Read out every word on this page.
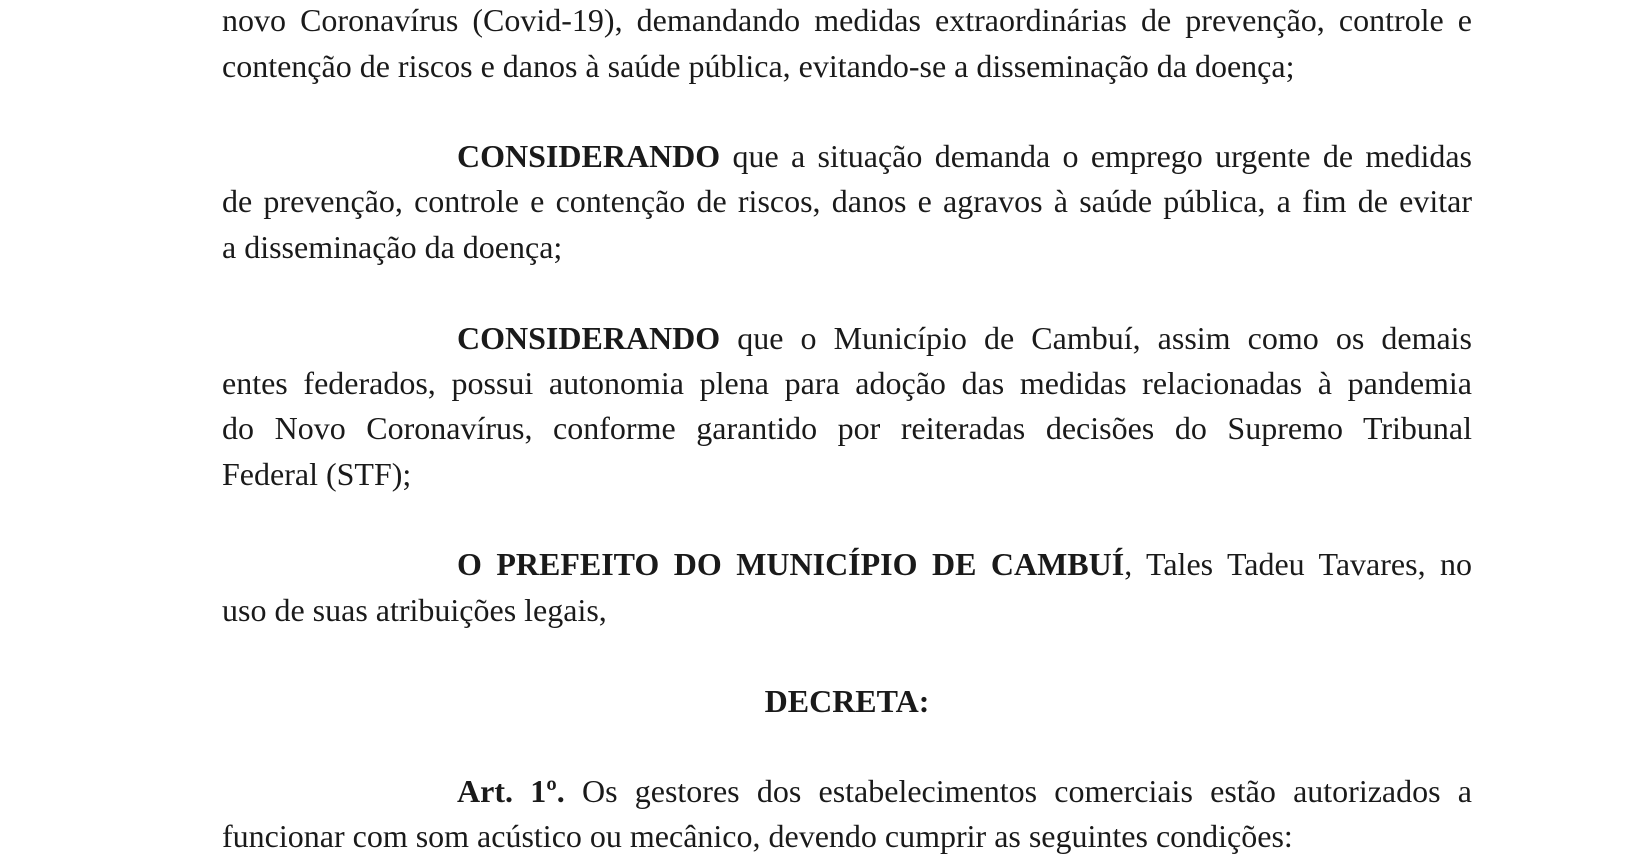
novo Coronavírus (Covid-19), demandando medidas extraordinárias de prevenção, controle e
contenção de riscos e danos à saúde pública, evitando-se a disseminação da doença;
CONSIDERANDO que a situação demanda o emprego urgente de medidas
de prevenção, controle e contenção de riscos, danos e agravos à saúde pública, a fim de evitar
a disseminação da doença;
CONSIDERANDO que o Município de Cambuí, assim como os demais
entes federados, possui autonomia plena para adoção das medidas relacionadas à pandemia
do Novo Coronavírus, conforme garantido por reiteradas decisões do Supremo Tribunal
Federal (STF);
O PREFEITO DO MUNICÍPIO DE CAMBUÍ, Tales Tadeu Tavares, no
uso de suas atribuições legais,
DECRETA:
Art. 1º. Os gestores dos estabelecimentos comerciais estão autorizados a
funcionar com som acústico ou mecânico, devendo cumprir as seguintes condições:
